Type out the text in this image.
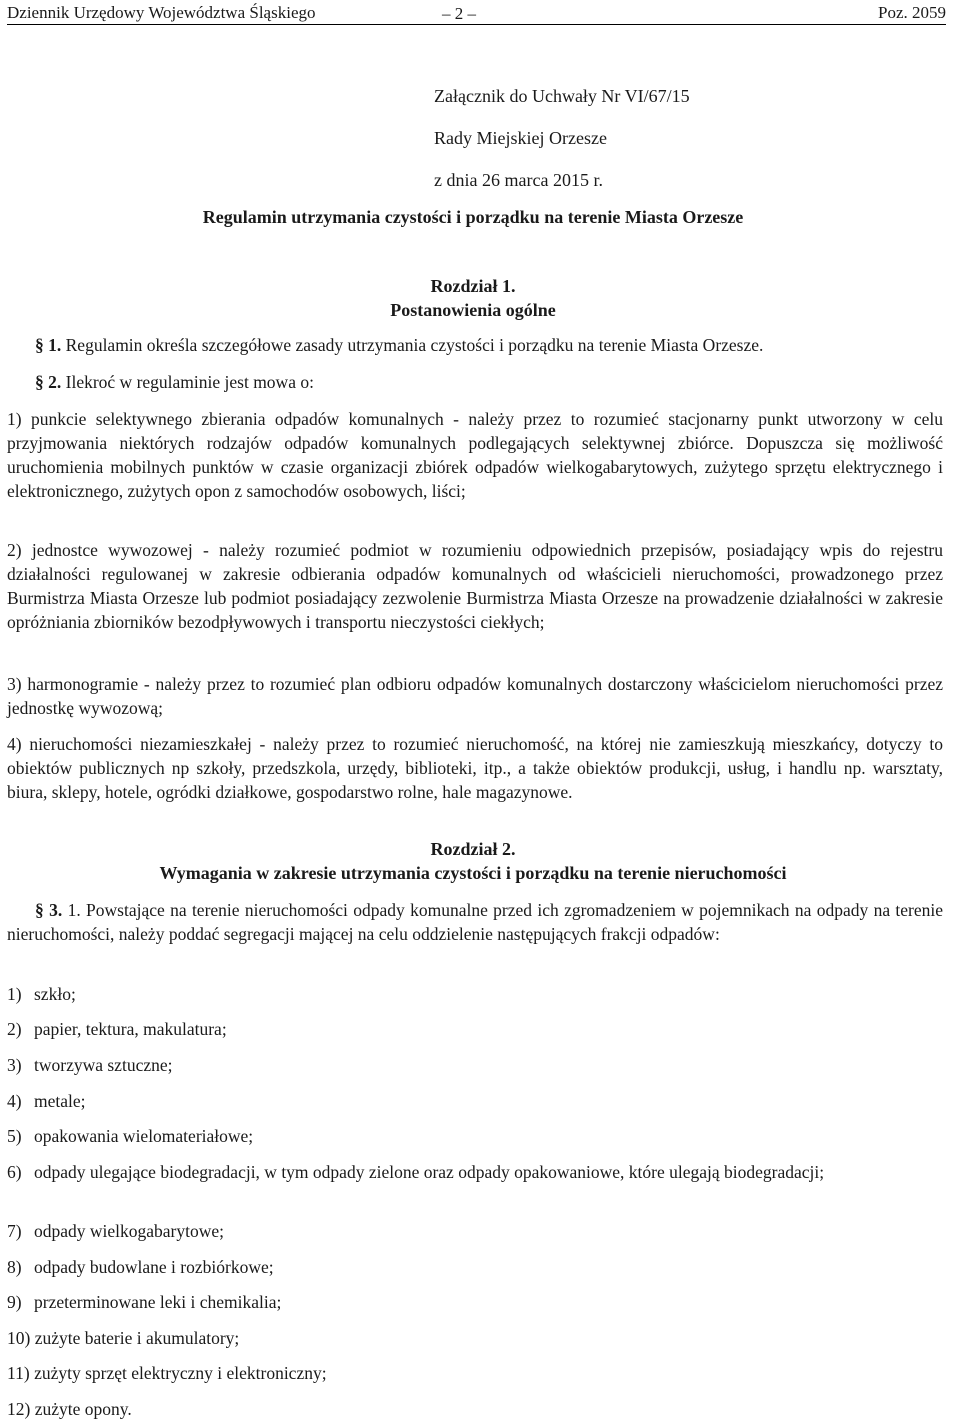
Dziennik Urzędowy Województwa Śląskiego	– 2 –	Poz. 2059
Załącznik do Uchwały Nr VI/67/15
Rady Miejskiej Orzesze
z dnia 26 marca 2015 r.
Regulamin utrzymania czystości i porządku na terenie Miasta Orzesze
Rozdział 1.
Postanowienia ogólne
§ 1. Regulamin określa szczegółowe zasady utrzymania czystości i porządku na terenie Miasta Orzesze.
§ 2. Ilekroć w regulaminie jest mowa o:
1) punkcie selektywnego zbierania odpadów komunalnych - należy przez to rozumieć stacjonarny punkt utworzony w celu przyjmowania niektórych rodzajów odpadów komunalnych podlegających selektywnej zbiórce. Dopuszcza się możliwość uruchomienia mobilnych punktów w czasie organizacji zbiórek odpadów wielkogabarytowych, zużytego sprzętu elektrycznego i elektronicznego, zużytych opon z samochodów osobowych, liści;
2) jednostce wywozowej - należy rozumieć podmiot w rozumieniu odpowiednich przepisów, posiadający wpis do rejestru działalności regulowanej w zakresie odbierania odpadów komunalnych od właścicieli nieruchomości, prowadzonego przez Burmistrza Miasta Orzesze lub podmiot posiadający zezwolenie Burmistrza Miasta Orzesze na prowadzenie działalności w zakresie opróżniania zbiorników bezodpływowych i transportu nieczystości ciekłych;
3) harmonogramie - należy przez to rozumieć plan odbioru odpadów komunalnych dostarczony właścicielom nieruchomości przez jednostkę wywozową;
4) nieruchomości niezamieszkałej - należy przez to rozumieć nieruchomość, na której nie zamieszkują mieszkańcy, dotyczy to obiektów publicznych np szkoły, przedszkola, urzędy, biblioteki, itp., a także obiektów produkcji, usług, i handlu np. warsztaty, biura, sklepy, hotele, ogródki działkowe, gospodarstwo rolne, hale magazynowe.
Rozdział 2.
Wymagania w zakresie utrzymania czystości i porządku na terenie nieruchomości
§ 3. 1. Powstające na terenie nieruchomości odpady komunalne przed ich zgromadzeniem w pojemnikach na odpady na terenie nieruchomości, należy poddać segregacji mającej na celu oddzielenie następujących frakcji odpadów:
1) szkło;
2) papier, tektura, makulatura;
3) tworzywa sztuczne;
4) metale;
5) opakowania wielomateriałowe;
6) odpady ulegające biodegradacji, w tym odpady zielone oraz odpady opakowaniowe, które ulegają biodegradacji;
7) odpady wielkogabarytowe;
8) odpady budowlane i rozbiórkowe;
9) przeterminowane leki i chemikalia;
10) zużyte baterie i akumulatory;
11) zużyty sprzęt elektryczny i elektroniczny;
12) zużyte opony.
